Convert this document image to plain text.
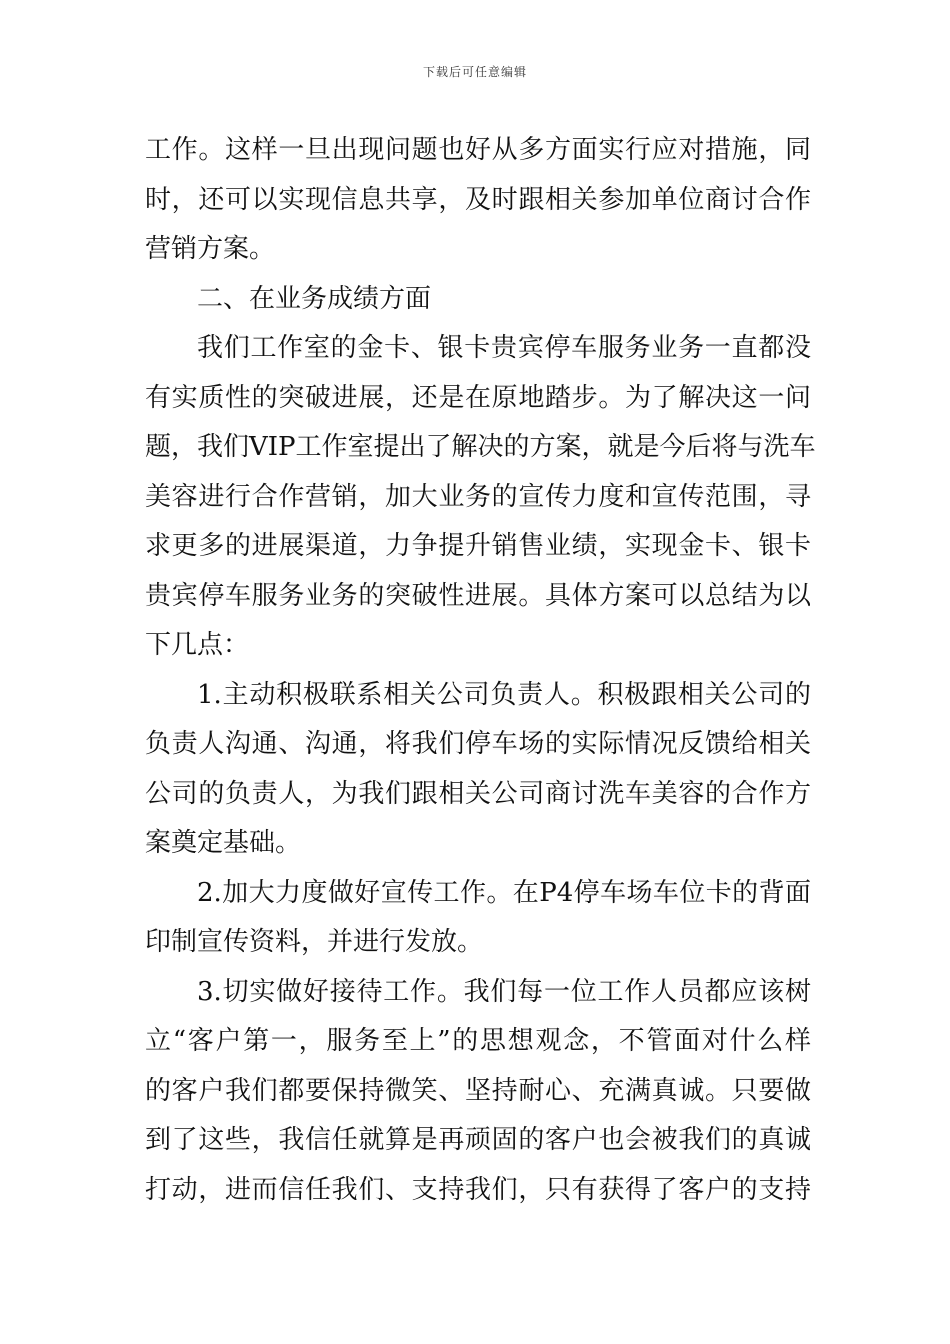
下载后可任意编辑
工作。这样一旦出现问题也好从多方面实行应对措施，同
时，还可以实现信息共享，及时跟相关参加单位商讨合作
营销方案。
二、在业务成绩方面
我们工作室的金卡、银卡贵宾停车服务业务一直都没
有实质性的突破进展，还是在原地踏步。为了解决这一问
题，我们VIP工作室提出了解决的方案，就是今后将与洗车
美容进行合作营销，加大业务的宣传力度和宣传范围，寻
求更多的进展渠道，力争提升销售业绩，实现金卡、银卡
贵宾停车服务业务的突破性进展。具体方案可以总结为以
下几点：
1.主动积极联系相关公司负责人。积极跟相关公司的
负责人沟通、沟通，将我们停车场的实际情况反馈给相关
公司的负责人，为我们跟相关公司商讨洗车美容的合作方
案奠定基础。
2.加大力度做好宣传工作。在P4停车场车位卡的背面
印制宣传资料，并进行发放。
3.切实做好接待工作。我们每一位工作人员都应该树
立“客户第一，服务至上”的思想观念，不管面对什么样
的客户我们都要保持微笑、坚持耐心、充满真诚。只要做
到了这些，我信任就算是再顽固的客户也会被我们的真诚
打动，进而信任我们、支持我们，只有获得了客户的支持
